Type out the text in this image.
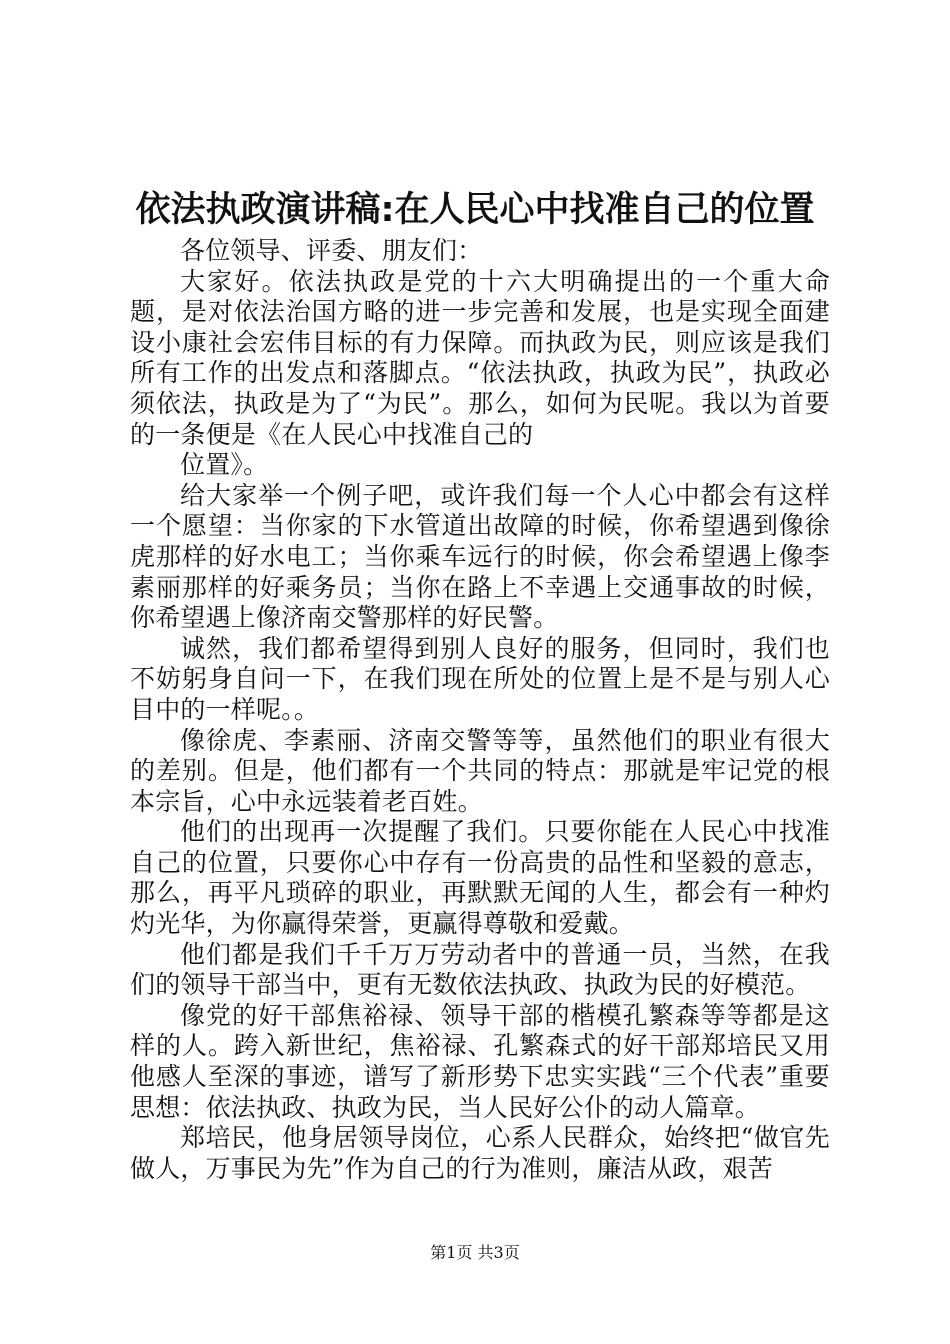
依法执政演讲稿:在人民心中找准自己的位置

各位领导、评委、朋友们：

大家好。依法执政是党的十六大明确提出的一个重大命题，是对依法治国方略的进一步完善和发展，也是实现全面建设小康社会宏伟目标的有力保障。而执政为民，则应该是我们所有工作的出发点和落脚点。“依法执政，执政为民”，执政必须依法，执政是为了“为民”。那么，如何为民呢。我以为首要的一条便是《在人民心中找准自己的

位置》。

给大家举一个例子吧，或许我们每一个人心中都会有这样一个愿望：当你家的下水管道出故障的时候，你希望遇到像徐虎那样的好水电工；当你乘车远行的时候，你会希望遇上像李素丽那样的好乘务员；当你在路上不幸遇上交通事故的时候，你希望遇上像济南交警那样的好民警。

诚然，我们都希望得到别人良好的服务，但同时，我们也不妨躬身自问一下，在我们现在所处的位置上是不是与别人心目中的一样呢。。

像徐虎、李素丽、济南交警等等，虽然他们的职业有很大的差别。但是，他们都有一个共同的特点：那就是牢记党的根本宗旨，心中永远装着老百姓。

他们的出现再一次提醒了我们。只要你能在人民心中找准自己的位置，只要你心中存有一份高贵的品性和坚毅的意志，那么，再平凡琐碎的职业，再默默无闻的人生，都会有一种灼灼光华，为你赢得荣誉，更赢得尊敬和爱戴。

他们都是我们千千万万劳动者中的普通一员，当然，在我们的领导干部当中，更有无数依法执政、执政为民的好模范。

像党的好干部焦裕禄、领导干部的楷模孔繁森等等都是这样的人。跨入新世纪，焦裕禄、孔繁森式的好干部郑培民又用他感人至深的事迹，谱写了新形势下忠实实践“三个代表”重要思想：依法执政、执政为民，当人民好公仆的动人篇章。

郑培民，他身居领导岗位，心系人民群众，始终把“做官先做人，万事民为先”作为自己的行为准则，廉洁从政，艰苦

第1页 共3页
